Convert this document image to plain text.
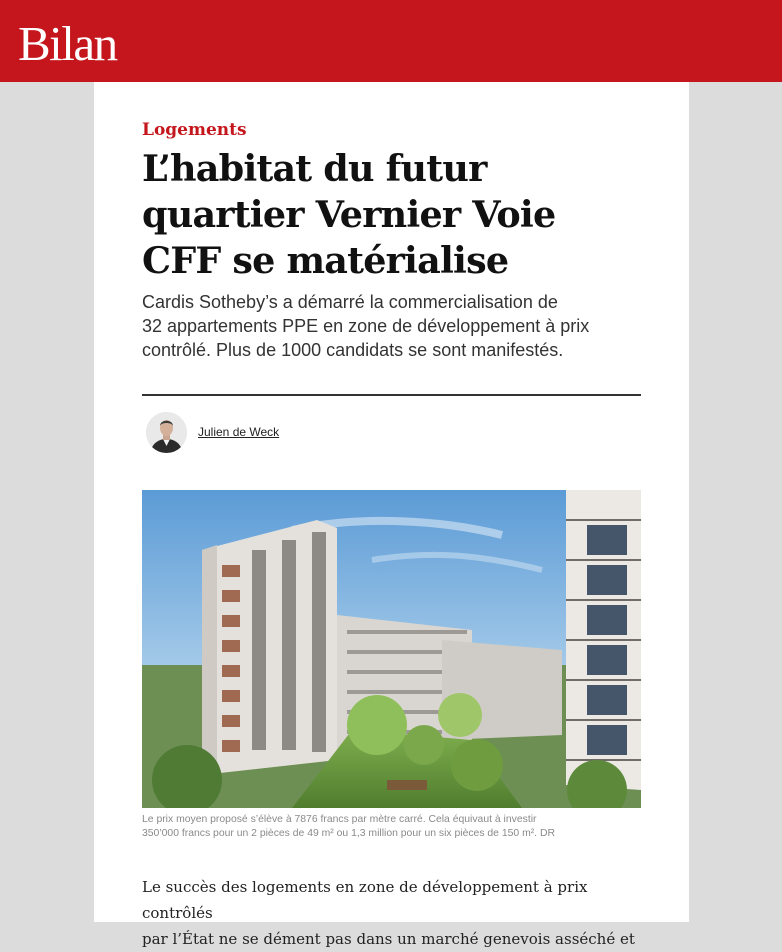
Bilan
Logements
L’habitat du futur
quartier Vernier Voie
CFF se matérialise

Cardis Sotheby’s a démarré la commercialisation de
32 appartements PPE en zone de développement à prix
contrôlé. Plus de 1000 candidats se sont manifestés.

Julien de Weck

Le prix moyen proposé s’élève à 7876 francs par mètre carré. Cela équivaut à investir
350’000 francs pour un 2 pièces de 49 m² ou 1,3 million pour un six pièces de 150 m². DR

Le succès des logements en zone de développement à prix contrôlés
par l’État ne se dément pas dans un marché genevois asséché et
